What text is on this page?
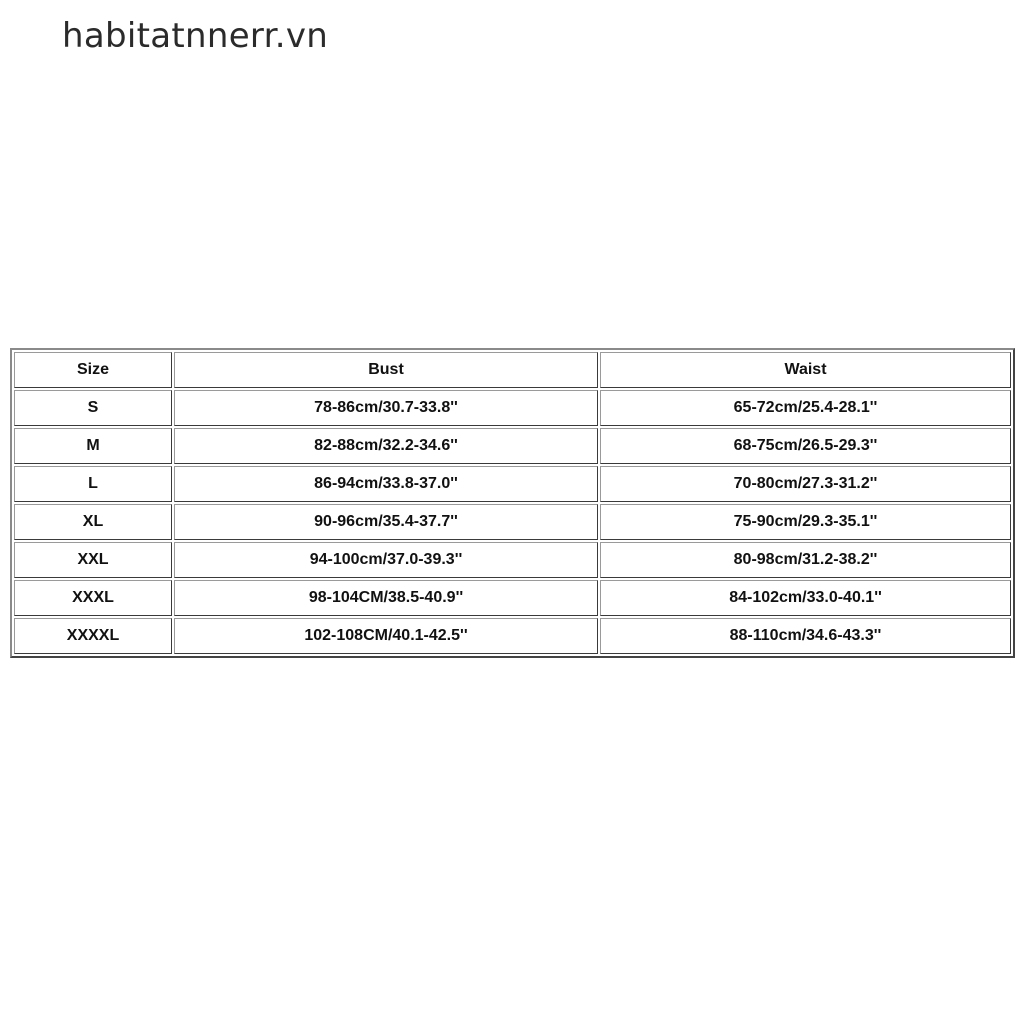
habitatnnerr.vn
Size	Bust	Waist
S	78-86cm/30.7-33.8''	65-72cm/25.4-28.1''
M	82-88cm/32.2-34.6''	68-75cm/26.5-29.3''
L	86-94cm/33.8-37.0''	70-80cm/27.3-31.2''
XL	90-96cm/35.4-37.7''	75-90cm/29.3-35.1''
XXL	94-100cm/37.0-39.3''	80-98cm/31.2-38.2''
XXXL	98-104CM/38.5-40.9''	84-102cm/33.0-40.1''
XXXXL	102-108CM/40.1-42.5''	88-110cm/34.6-43.3''
